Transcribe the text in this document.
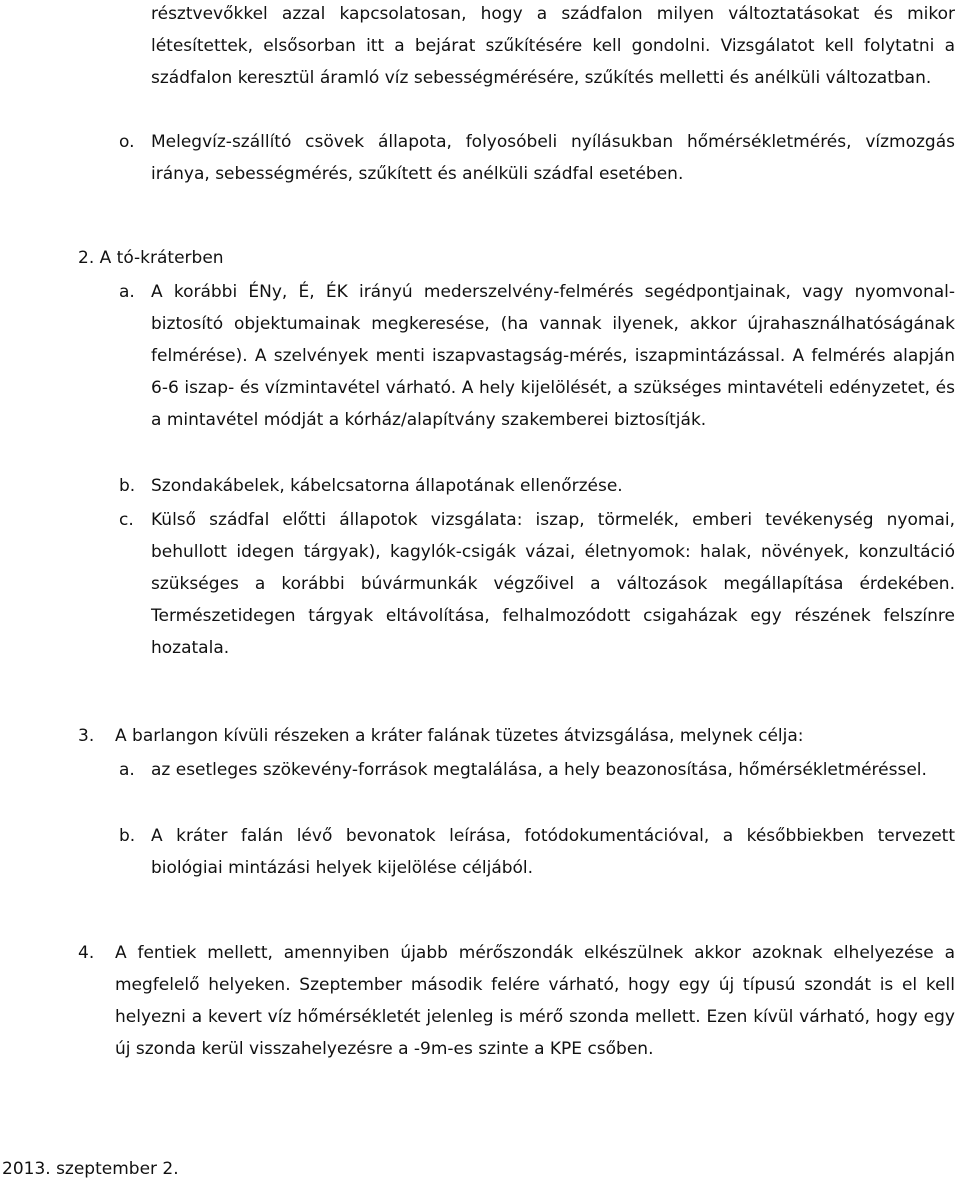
résztvevőkkel azzal kapcsolatosan, hogy a szádfalon milyen változtatásokat és mikor létesítettek, elsősorban itt a bejárat szűkítésére kell gondolni. Vizsgálatot kell folytatni a szádfalon keresztül áramló víz sebességmérésére, szűkítés melletti és anélküli változatban.

o. Melegvíz-szállító csövek állapota, folyosóbeli nyílásukban hőmérsékletmérés, vízmozgás iránya, sebességmérés, szűkített és anélküli szádfal esetében.

2. A tó-kráterben

a. A korábbi ÉNy, É, ÉK irányú mederszelvény-felmérés segédpontjainak, vagy nyomvonal-biztosító objektumainak megkeresése, (ha vannak ilyenek, akkor újrahasználhatóságának felmérése). A szelvények menti iszapvastagság-mérés, iszapmintázással. A felmérés alapján 6-6 iszap- és vízmintavétel várható. A hely kijelölését, a szükséges mintavételi edényzetet, és a mintavétel módját a kórház/alapítvány szakemberei biztosítják.

b. Szondakábelek, kábelcsatorna állapotának ellenőrzése.

c. Külső szádfal előtti állapotok vizsgálata: iszap, törmelék, emberi tevékenység nyomai, behullott idegen tárgyak), kagylók-csigák vázai, életnyomok: halak, növények, konzultáció szükséges a korábbi búvármunkák végzőivel a változások megállapítása érdekében. Természetidegen tárgyak eltávolítása, felhalmozódott csigaházak egy részének felszínre hozatala.

3. A barlangon kívüli részeken a kráter falának tüzetes átvizsgálása, melynek célja:

a. az esetleges szökevény-források megtalálása, a hely beazonosítása, hőmérsékletméréssel.

b. A kráter falán lévő bevonatok leírása, fotódokumentációval, a későbbiekben tervezett biológiai mintázási helyek kijelölése céljából.

4. A fentiek mellett, amennyiben újabb mérőszondák elkészülnek akkor azoknak elhelyezése a megfelelő helyeken. Szeptember második felére várható, hogy egy új típusú szondát is el kell helyezni a kevert víz hőmérsékletét jelenleg is mérő szonda mellett. Ezen kívül várható, hogy egy új szonda kerül visszahelyezésre a -9m-es szinte a KPE csőben.

2013. szeptember 2.
